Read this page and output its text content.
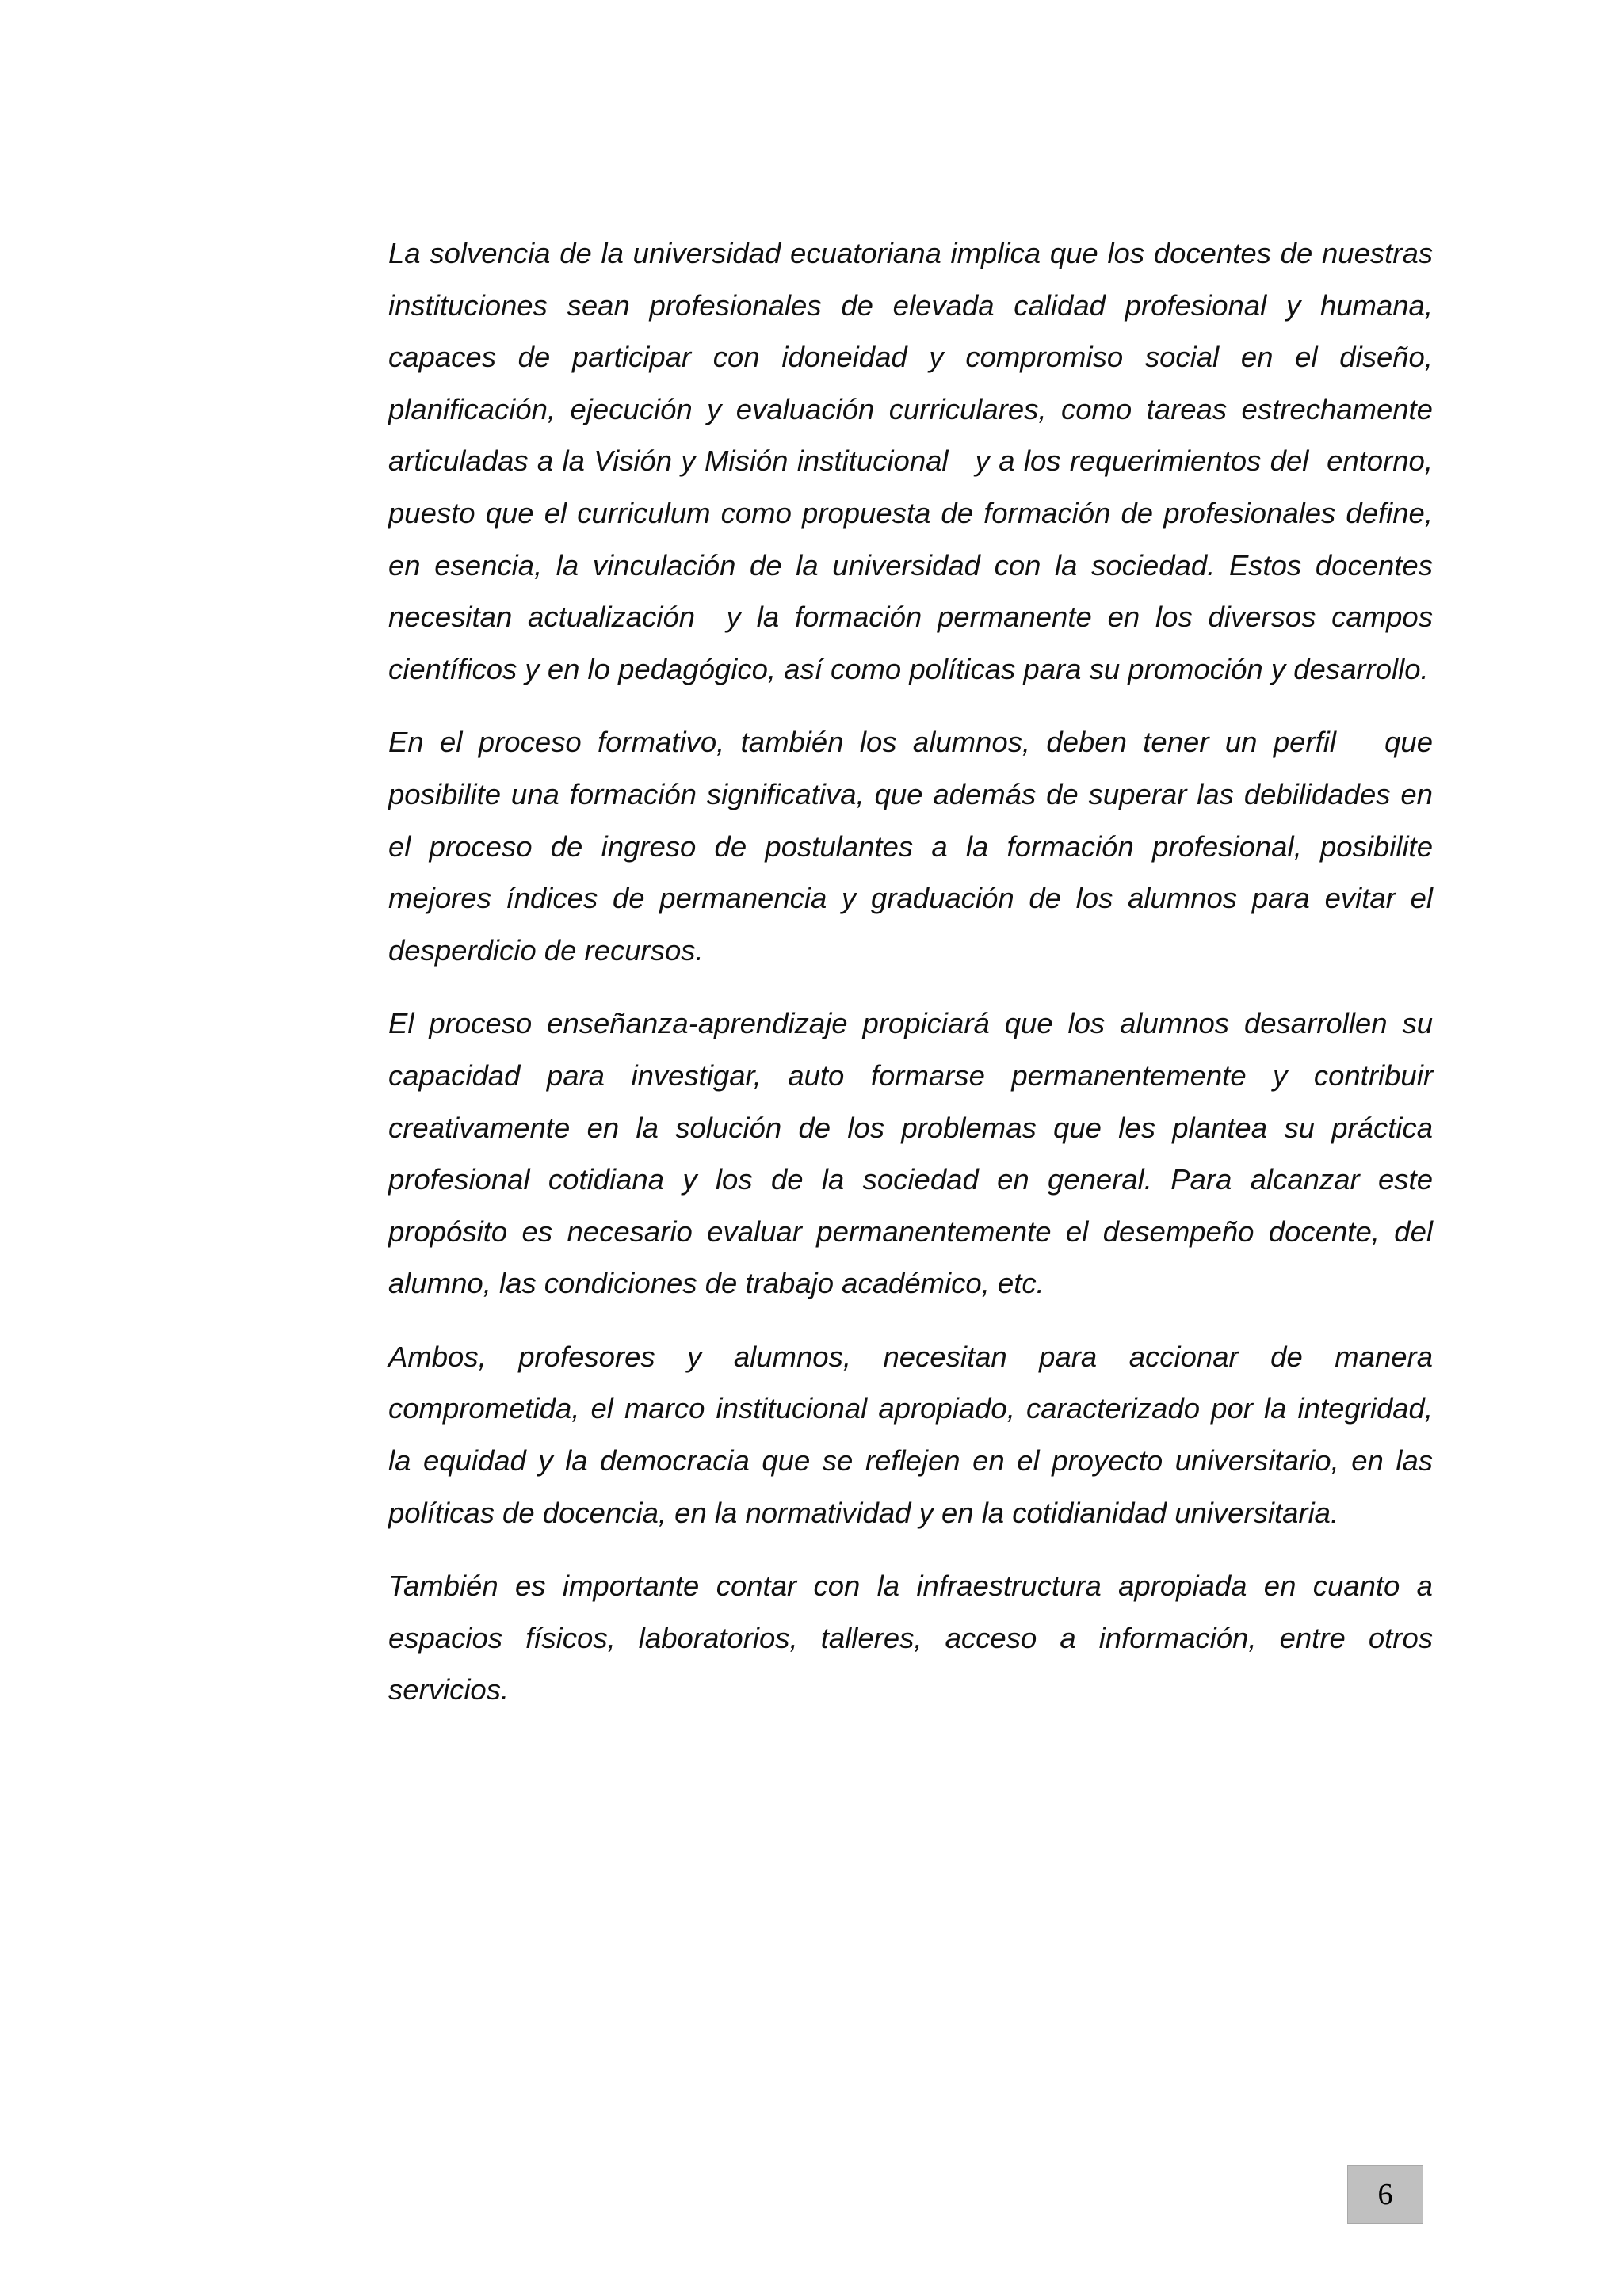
La solvencia de la universidad ecuatoriana implica que los docentes de nuestras instituciones sean profesionales de elevada calidad profesional y humana,  capaces de participar con idoneidad y compromiso social en el diseño, planificación, ejecución y evaluación curriculares, como tareas estrechamente articuladas a la Visión y Misión institucional   y a los requerimientos del  entorno, puesto que el curriculum como propuesta de formación de profesionales define, en esencia, la vinculación de la universidad con la sociedad. Estos docentes necesitan actualización  y la formación permanente en los diversos campos científicos y en lo pedagógico, así como políticas para su promoción y desarrollo.

En el proceso formativo, también los alumnos, deben tener un perfil   que posibilite una formación significativa, que además de superar las debilidades en el proceso de ingreso de postulantes a la formación profesional, posibilite mejores índices de permanencia y graduación de los alumnos para evitar el desperdicio de recursos.

El proceso enseñanza-aprendizaje propiciará que los alumnos desarrollen su capacidad para investigar, auto formarse permanentemente y contribuir creativamente en la solución de los problemas que les plantea su práctica profesional cotidiana y los de la sociedad en general. Para alcanzar este propósito es necesario evaluar permanentemente el desempeño docente, del alumno, las condiciones de trabajo académico, etc.

Ambos, profesores y alumnos, necesitan para accionar de manera comprometida, el marco institucional apropiado, caracterizado por la integridad, la equidad y la democracia que se reflejen en el proyecto universitario, en las políticas de docencia, en la normatividad y en la cotidianidad universitaria.

También es importante contar con la infraestructura apropiada en cuanto a espacios físicos, laboratorios, talleres, acceso a información, entre otros servicios.

6
